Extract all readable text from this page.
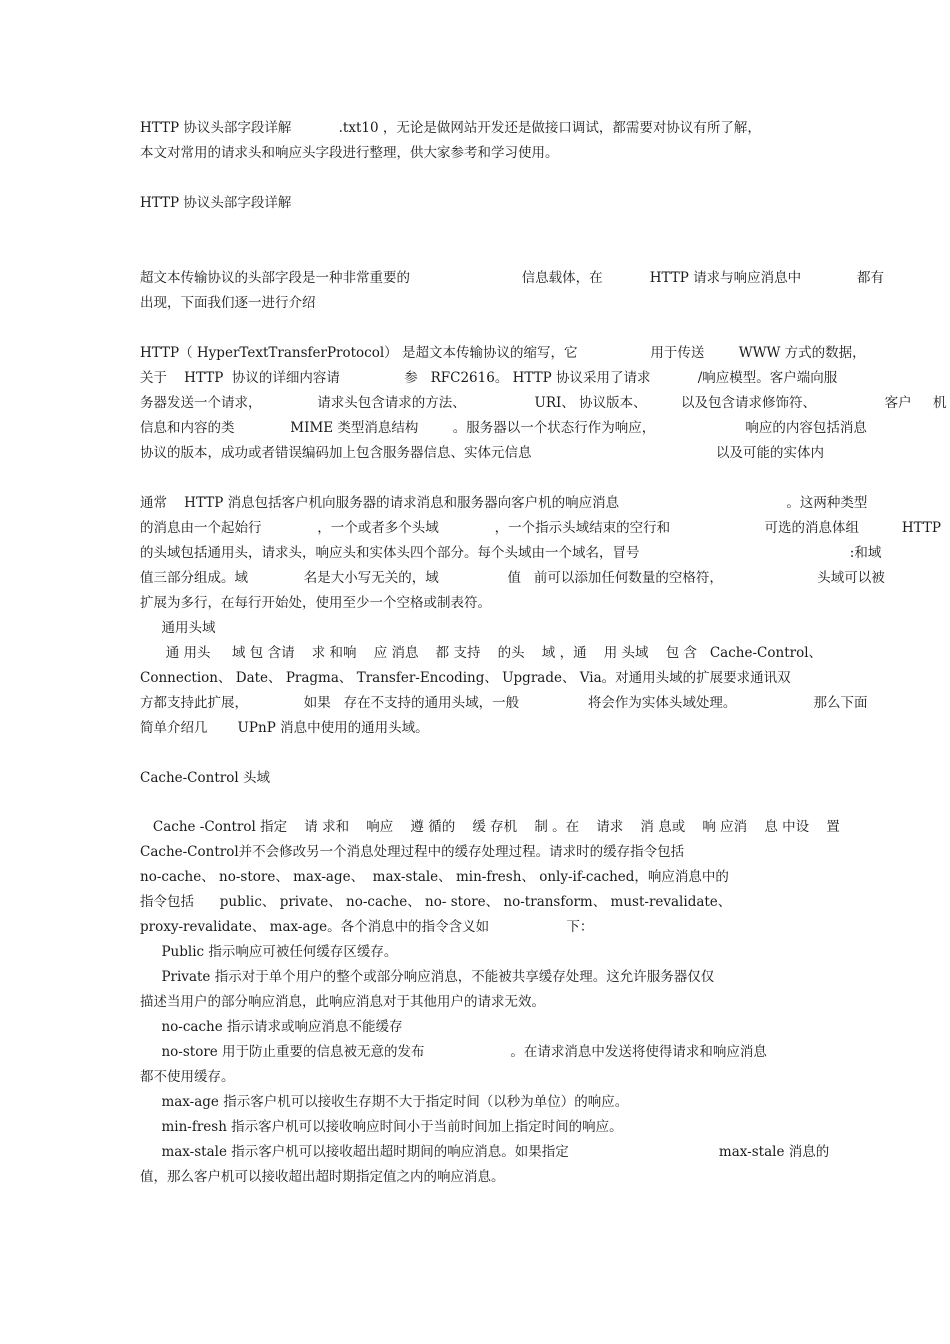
HTTP 协议头部字段详解           .txt10 ，无论是做网站开发还是做接口调试，都需要对协议有所了解，
本文对常用的请求头和响应头字段进行整理，供大家参考和学习使用。
HTTP 协议头部字段详解
超文本传输协议的头部字段是一种非常重要的                          信息载体，在           HTTP 请求与响应消息中             都有
出现，下面我们逐一进行介绍
HTTP（ HyperTextTransferProtocol） 是超文本传输协议的缩写，它                 用于传送        WWW 方式的数据，
关于    HTTP  协议的详细内容请               参   RFC2616。 HTTP 协议采用了请求           /响应模型。客户端向服
务器发送一个请求，             请求头包含请求的方法、                URI、 协议版本、        以及包含请求修饰符、                客户     机
信息和内容的类             MIME 类型消息结构        。服务器以一个状态行作为响应，                     响应的内容包括消息
协议的版本，成功或者错误编码加上包含服务器信息、实体元信息                                           以及可能的实体内
通常    HTTP 消息包括客户机向服务器的请求消息和服务器向客户机的响应消息                                       。这两种类型
的消息由一个起始行             ，一个或者多个头域             ，一个指示头域结束的空行和                      可选的消息体组          HTTP
的头域包括通用头，请求头，响应头和实体头四个部分。每个头域由一个域名，冒号                                                 :和域
值三部分组成。域             名是大小写无关的，域                值   前可以添加任何数量的空格符，                      头域可以被
扩展为多行，在每行开始处，使用至少一个空格或制表符。
通用头域
通 用头     域 包 含请    求 和响    应 消息    都 支持    的头    域 ，通    用 头域    包 含   Cache-Control、
Connection、 Date、 Pragma、 Transfer-Encoding、 Upgrade、 Via。对通用头域的扩展要求通讯双
方都支持此扩展，             如果   存在不支持的通用头域，一般                将会作为实体头域处理。                  那么下面
简单介绍几       UPnP 消息中使用的通用头域。
Cache-Control 头域
Cache -Control 指定    请 求和    响应    遵 循的    缓 存机    制 。在    请求    消 息或    响 应消    息 中设    置
Cache-Control并不会修改另一个消息处理过程中的缓存处理过程。请求时的缓存指令包括
no-cache、 no-store、 max-age、  max-stale、 min-fresh、 only-if-cached，响应消息中的
指令包括      public、 private、 no-cache、 no- store、 no-transform、 must-revalidate、
proxy-revalidate、 max-age。各个消息中的指令含义如                  下：
Public 指示响应可被任何缓存区缓存。
Private 指示对于单个用户的整个或部分响应消息，不能被共享缓存处理。这允许服务器仅仅
描述当用户的部分响应消息，此响应消息对于其他用户的请求无效。
no-cache 指示请求或响应消息不能缓存
no-store 用于防止重要的信息被无意的发布                    。在请求消息中发送将使得请求和响应消息
都不使用缓存。
max-age 指示客户机可以接收生存期不大于指定时间（以秒为单位）的响应。
min-fresh 指示客户机可以接收响应时间小于当前时间加上指定时间的响应。
max-stale 指示客户机可以接收超出超时期间的响应消息。如果指定                                   max-stale 消息的
值，那么客户机可以接收超出超时期指定值之内的响应消息。
